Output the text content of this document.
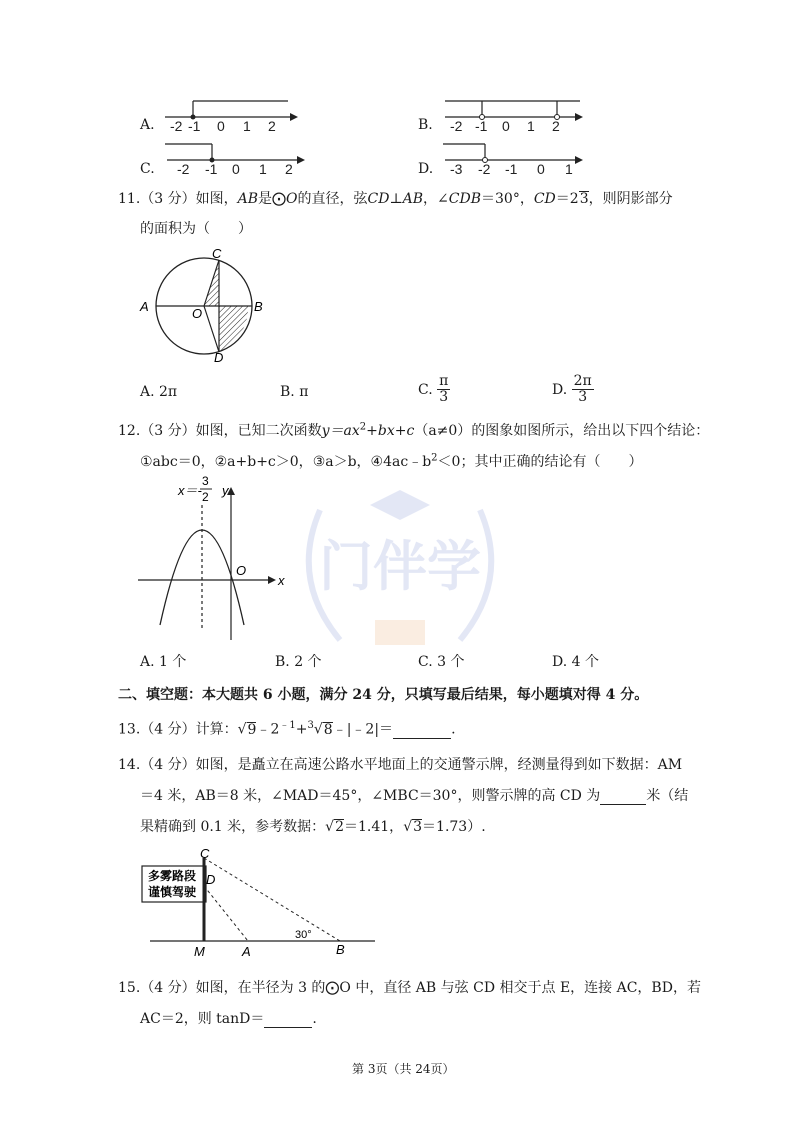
门伴学
A. -2 -1 0 1 2	B. -2 -1 0 1 2
C. -2 -1 0 1 2	D. -3 -2 -1 0 1
11.（3 分）如图，AB是⨀O的直径，弦CD⊥AB，∠CDB＝30°，CD＝23，则阴影部分
的面积为（　　）
C
A	B
O
D
A. 2π	B. π	C. $\frac{\pi}{3}$	D. $\frac{2\pi}{3}$
12.（3 分）如图，已知二次函数$y=ax^2+bx+c(a\ne 0)$的图象如图所示，给出以下四个结论：
①abc＝0，②a+b+c＞0，③a＞b，$④4ac﹣b^2<0$；其中正确的结论有（　　）
x＝-
3
2 y
x
O
A. 1 个	B. 2 个	C. 3 个	D. 4 个
二、填空题：本大题共 6 小题，满分 24 分，只填写最后结果，每小题填对得 4 分。
13.（4 分）计算：$√9﹣2^{﹣1}+^3√8﹣|﹣2|=$	.
14.（4 分）如图，是矗立在高速公路水平地面上的交通警示牌，经测量得到如下数据：AM
＝4 米，AB＝8 米，∠MAD＝45°，∠MBC＝30°，则警示牌的高 CD 为	米（结
果精确到 0.1 米，参考数据：√2＝1.41，√3＝1.73）.
多雾路段
谨慎驾驶
C
D
M	A	B
30°
15.（4 分）如图，在半径为 3 的⨀O 中，直径 AB 与弦 CD 相交于点 E，连接 AC，BD，若
AC＝2，则 tanD＝	.
第 3页（共 24页）
